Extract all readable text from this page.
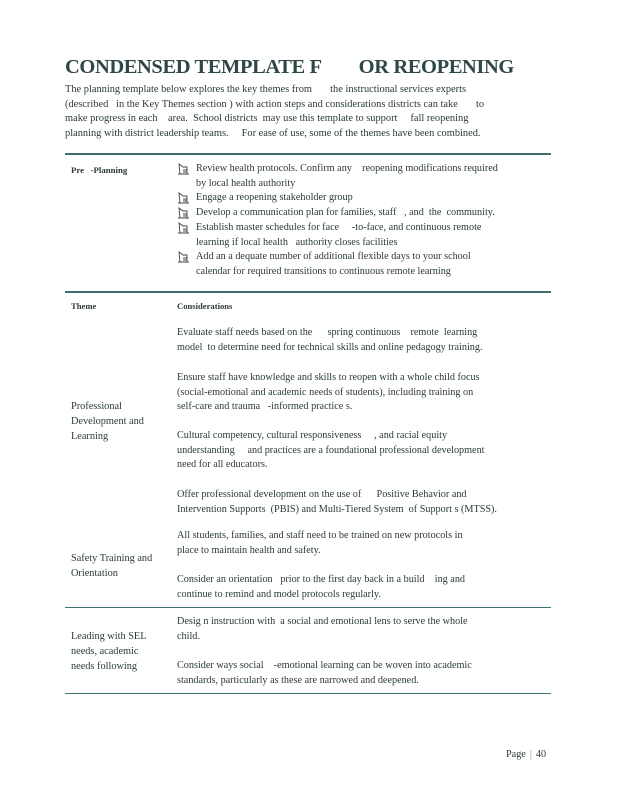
CONDENSED TEMPLATE F        OR REOPENING
The planning template below explores the key themes from       the instructional services experts
(described   in the Key Themes section ) with action steps and considerations districts can take       to
make progress in each    area.  School districts  may use this template to support     fall reopening
planning with district leadership teams.     For ease of use, some of the themes have been combined.
Pre   -Planning	Review health protocols. Confirm any    reopening modifications required
by local health authority
Engage a reopening stakeholder group
Develop a communication plan for families, staff   , and  the  community.
Establish master schedules for face     -to-face, and continuous remote
learning if local health   authority closes facilities
Add an a dequate number of additional flexible days to your school
calendar for required transitions to continuous remote learning
Theme	Considerations
Professional
Development and
Learning
Evaluate staff needs based on the      spring continuous    remote  learning
model  to determine need for technical skills and online pedagogy training.
Ensure staff have knowledge and skills to reopen with a whole child focus
(social-emotional and academic needs of students), including training on
self-care and trauma   -informed practice s.
Cultural competency, cultural responsiveness     , and racial equity
understanding     and practices are a foundational professional development
need for all educators.
Offer professional development on the use of      Positive Behavior and
Intervention Supports  (PBIS) and Multi-Tiered System  of Support s (MTSS).
Safety Training and
Orientation
All students, families, and staff need to be trained on new protocols in
place to maintain health and safety.
Consider an orientation   prior to the first day back in a build    ing and
continue to remind and model protocols regularly.
Leading with SEL
needs, academic
needs following
Desig n instruction with  a social and emotional lens to serve the whole
child.
Consider ways social    -emotional learning can be woven into academic
standards, particularly as these are narrowed and deepened.
Page | 40
